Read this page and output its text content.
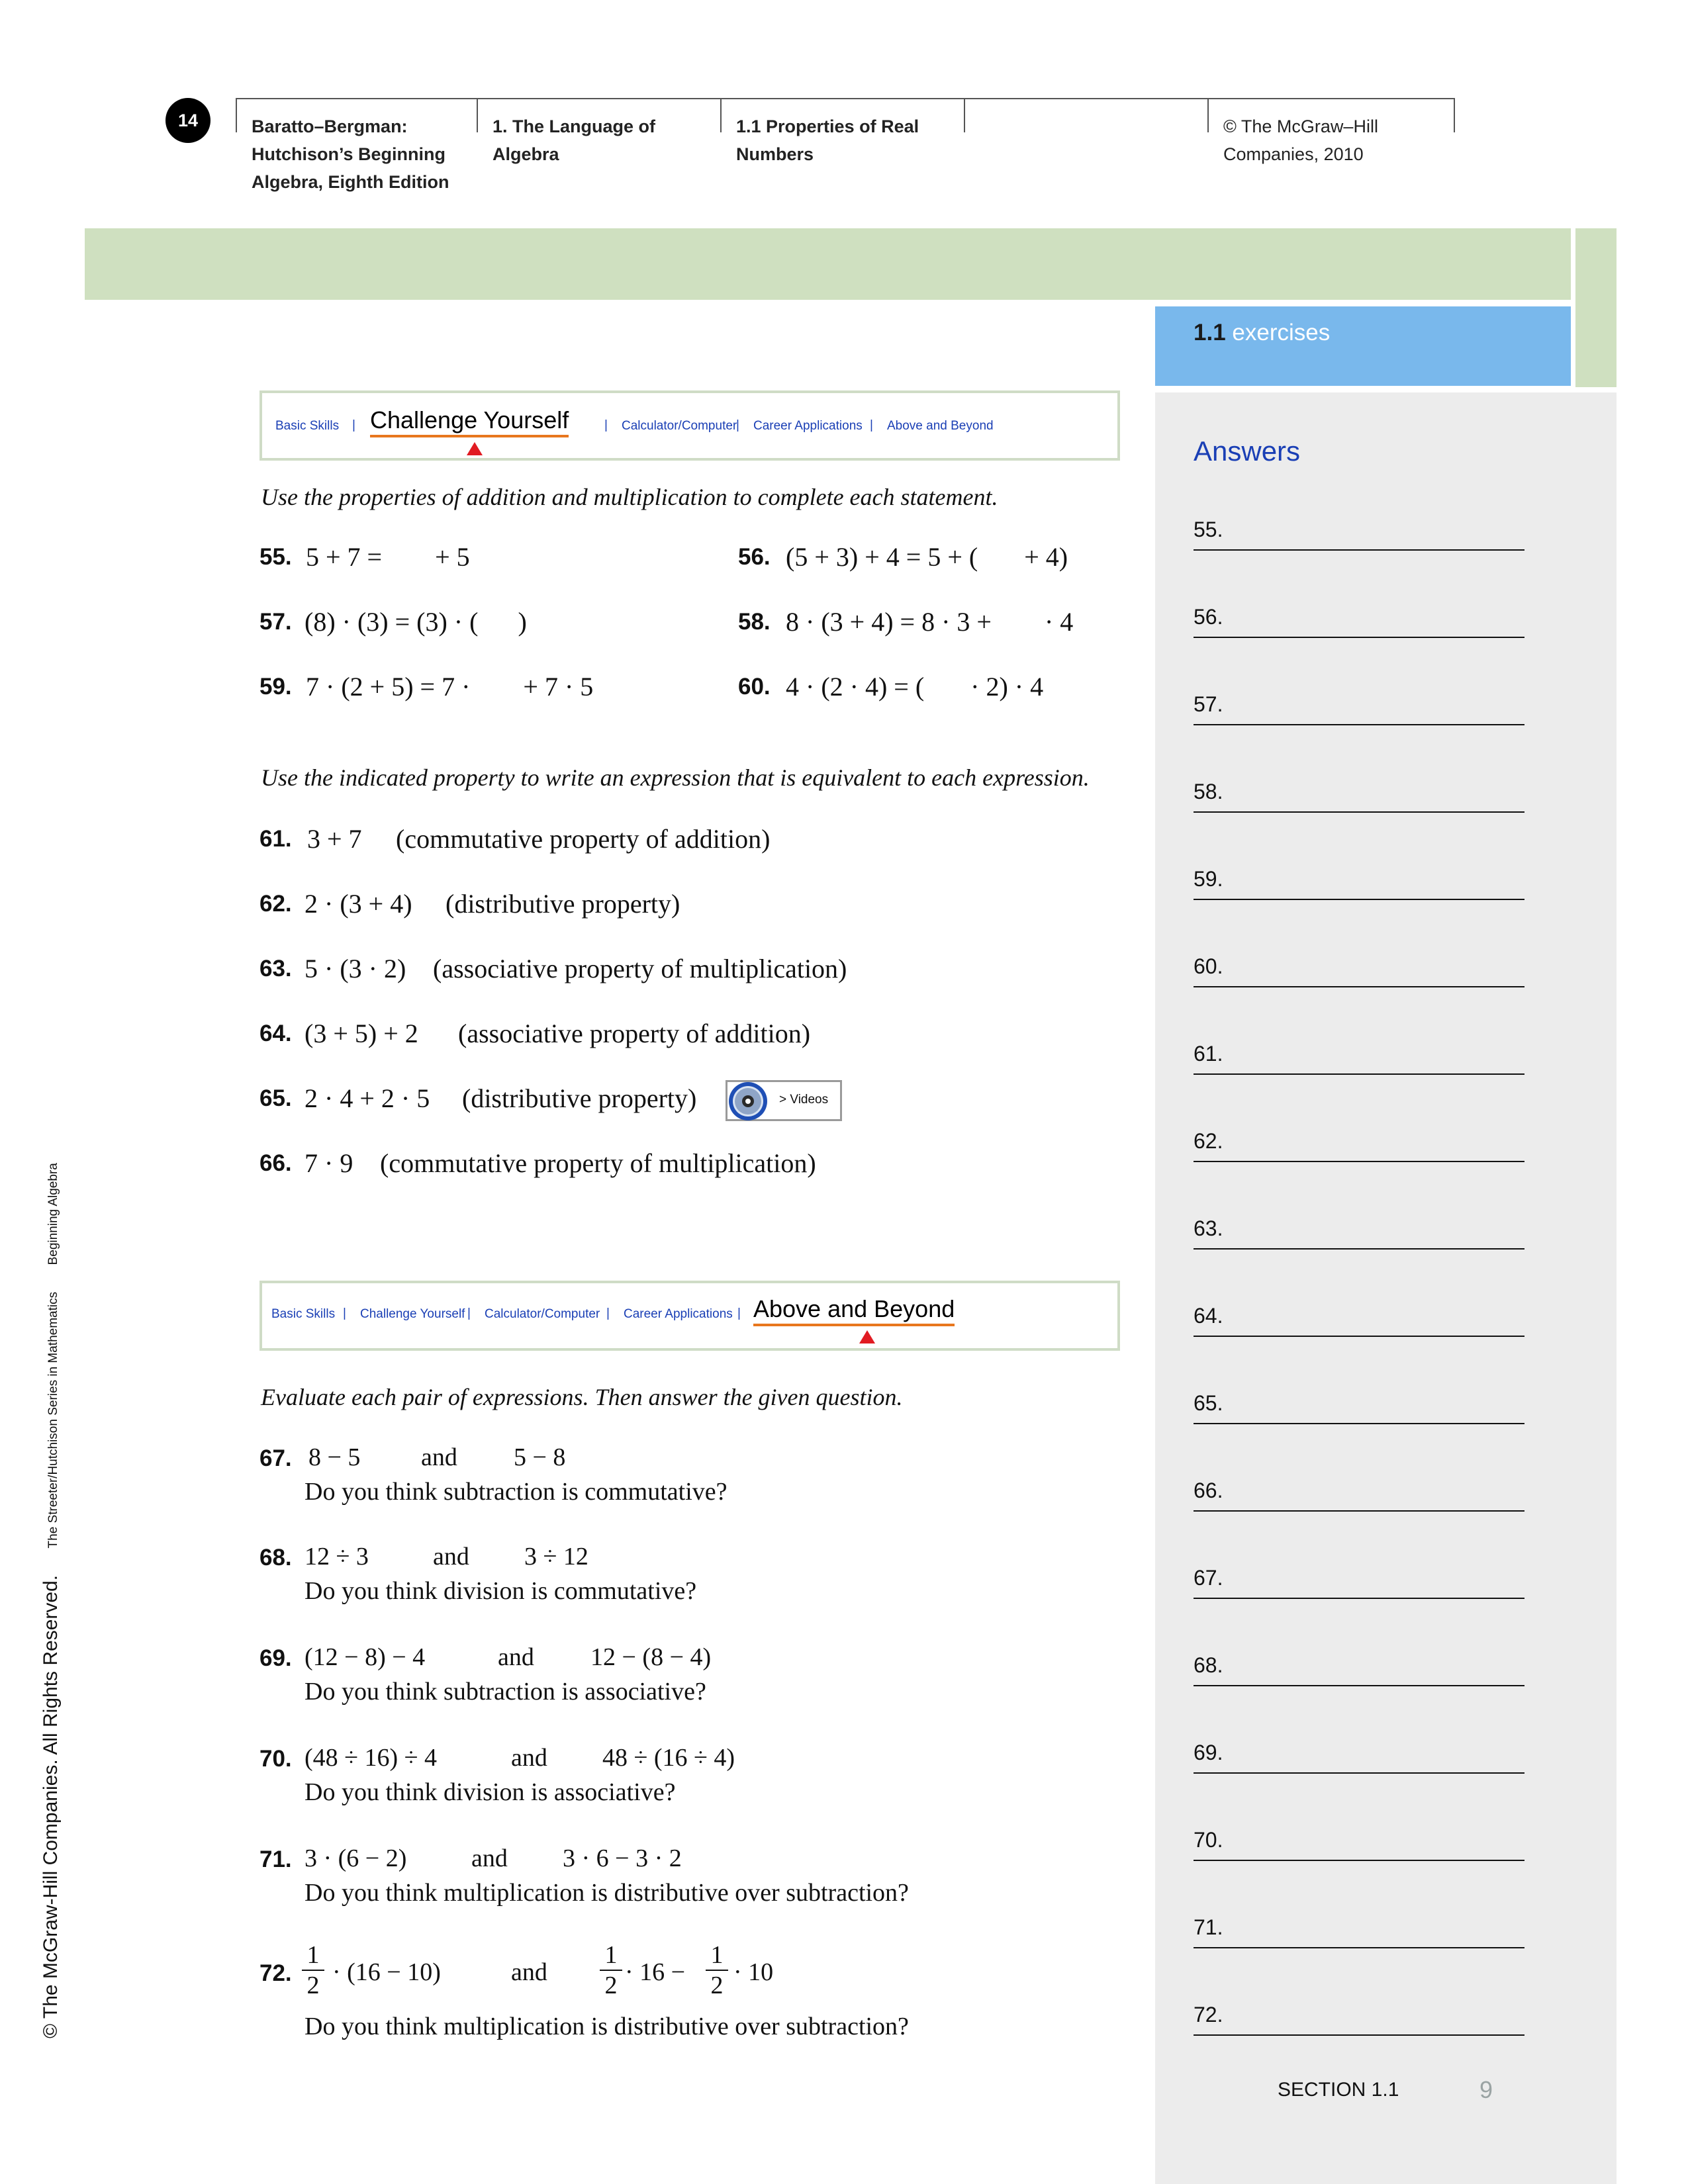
14	Baratto–Bergman:
Hutchison’s Beginning
Algebra, Eighth Edition
1. The Language of Algebra
1.1 Properties of Real
Numbers
© The McGraw–Hill
Companies, 2010
1.1 exercises
Basic Skills | Challenge Yourself	| Calculator/Computer
| Career Applications | Above and Beyond
Use the properties of addition and multiplication to complete each statement.
55. 5 + 7 =        + 5	56. (5 + 3) + 4 = 5 + (       + 4)
57. (8) · (3) = (3) · (      )	58. 8 · (3 + 4) = 8 · 3 +        · 4
59. 7 · (2 + 5) = 7 ·        + 7 · 5	60. 4 · (2 · 4) = (       · 2) · 4
Use the indicated property to write an expression that is equivalent to each expression.
61. 3 + 7 (commutative property of addition)
62. 2 · (3 + 4) (distributive property)
63. 5 · (3 · 2) (associative property of multiplication)
64. (3 + 5) + 2 (associative property of addition)
65. 2 · 4 + 2 · 5 (distributive property)	> Videos
66. 7 · 9 (commutative property of multiplication)
Basic Skills | Challenge Yourself | Calculator/Computer | Career Applications | Above and Beyond
Evaluate each pair of expressions. Then answer the given question.
67. 8 − 5 and 5 − 8
Do you think subtraction is commutative?
68. 12 ÷ 3	and 3 ÷ 12
Do you think division is commutative?
69. (12 − 8) − 4	and 12 − (8 − 4)
Do you think subtraction is associative?
70. (48 ÷ 16) ÷ 4	and 48 ÷ (16 ÷ 4)
Do you think division is associative?
71. 3 · (6 − 2)	and 3 · 6 − 3 · 2
Do you think multiplication is distributive over subtraction?
72. $\frac{1}{2} \cdot (16 - 10)$	and $\frac{1}{2} \cdot 16 - \frac{1}{2} \cdot 10$
Do you think multiplication is distributive over subtraction?
Answers
55.
56.
57.
58.
59.
60.
61.
62.
63.
64.
65.
66.
67.
68.
69.
70.
71.
72.
© The McGraw-Hill Companies. All Rights Reserved. The Streeter/Hutchison Series in Mathematics Beginning Algebra
SECTION 1.1	9
